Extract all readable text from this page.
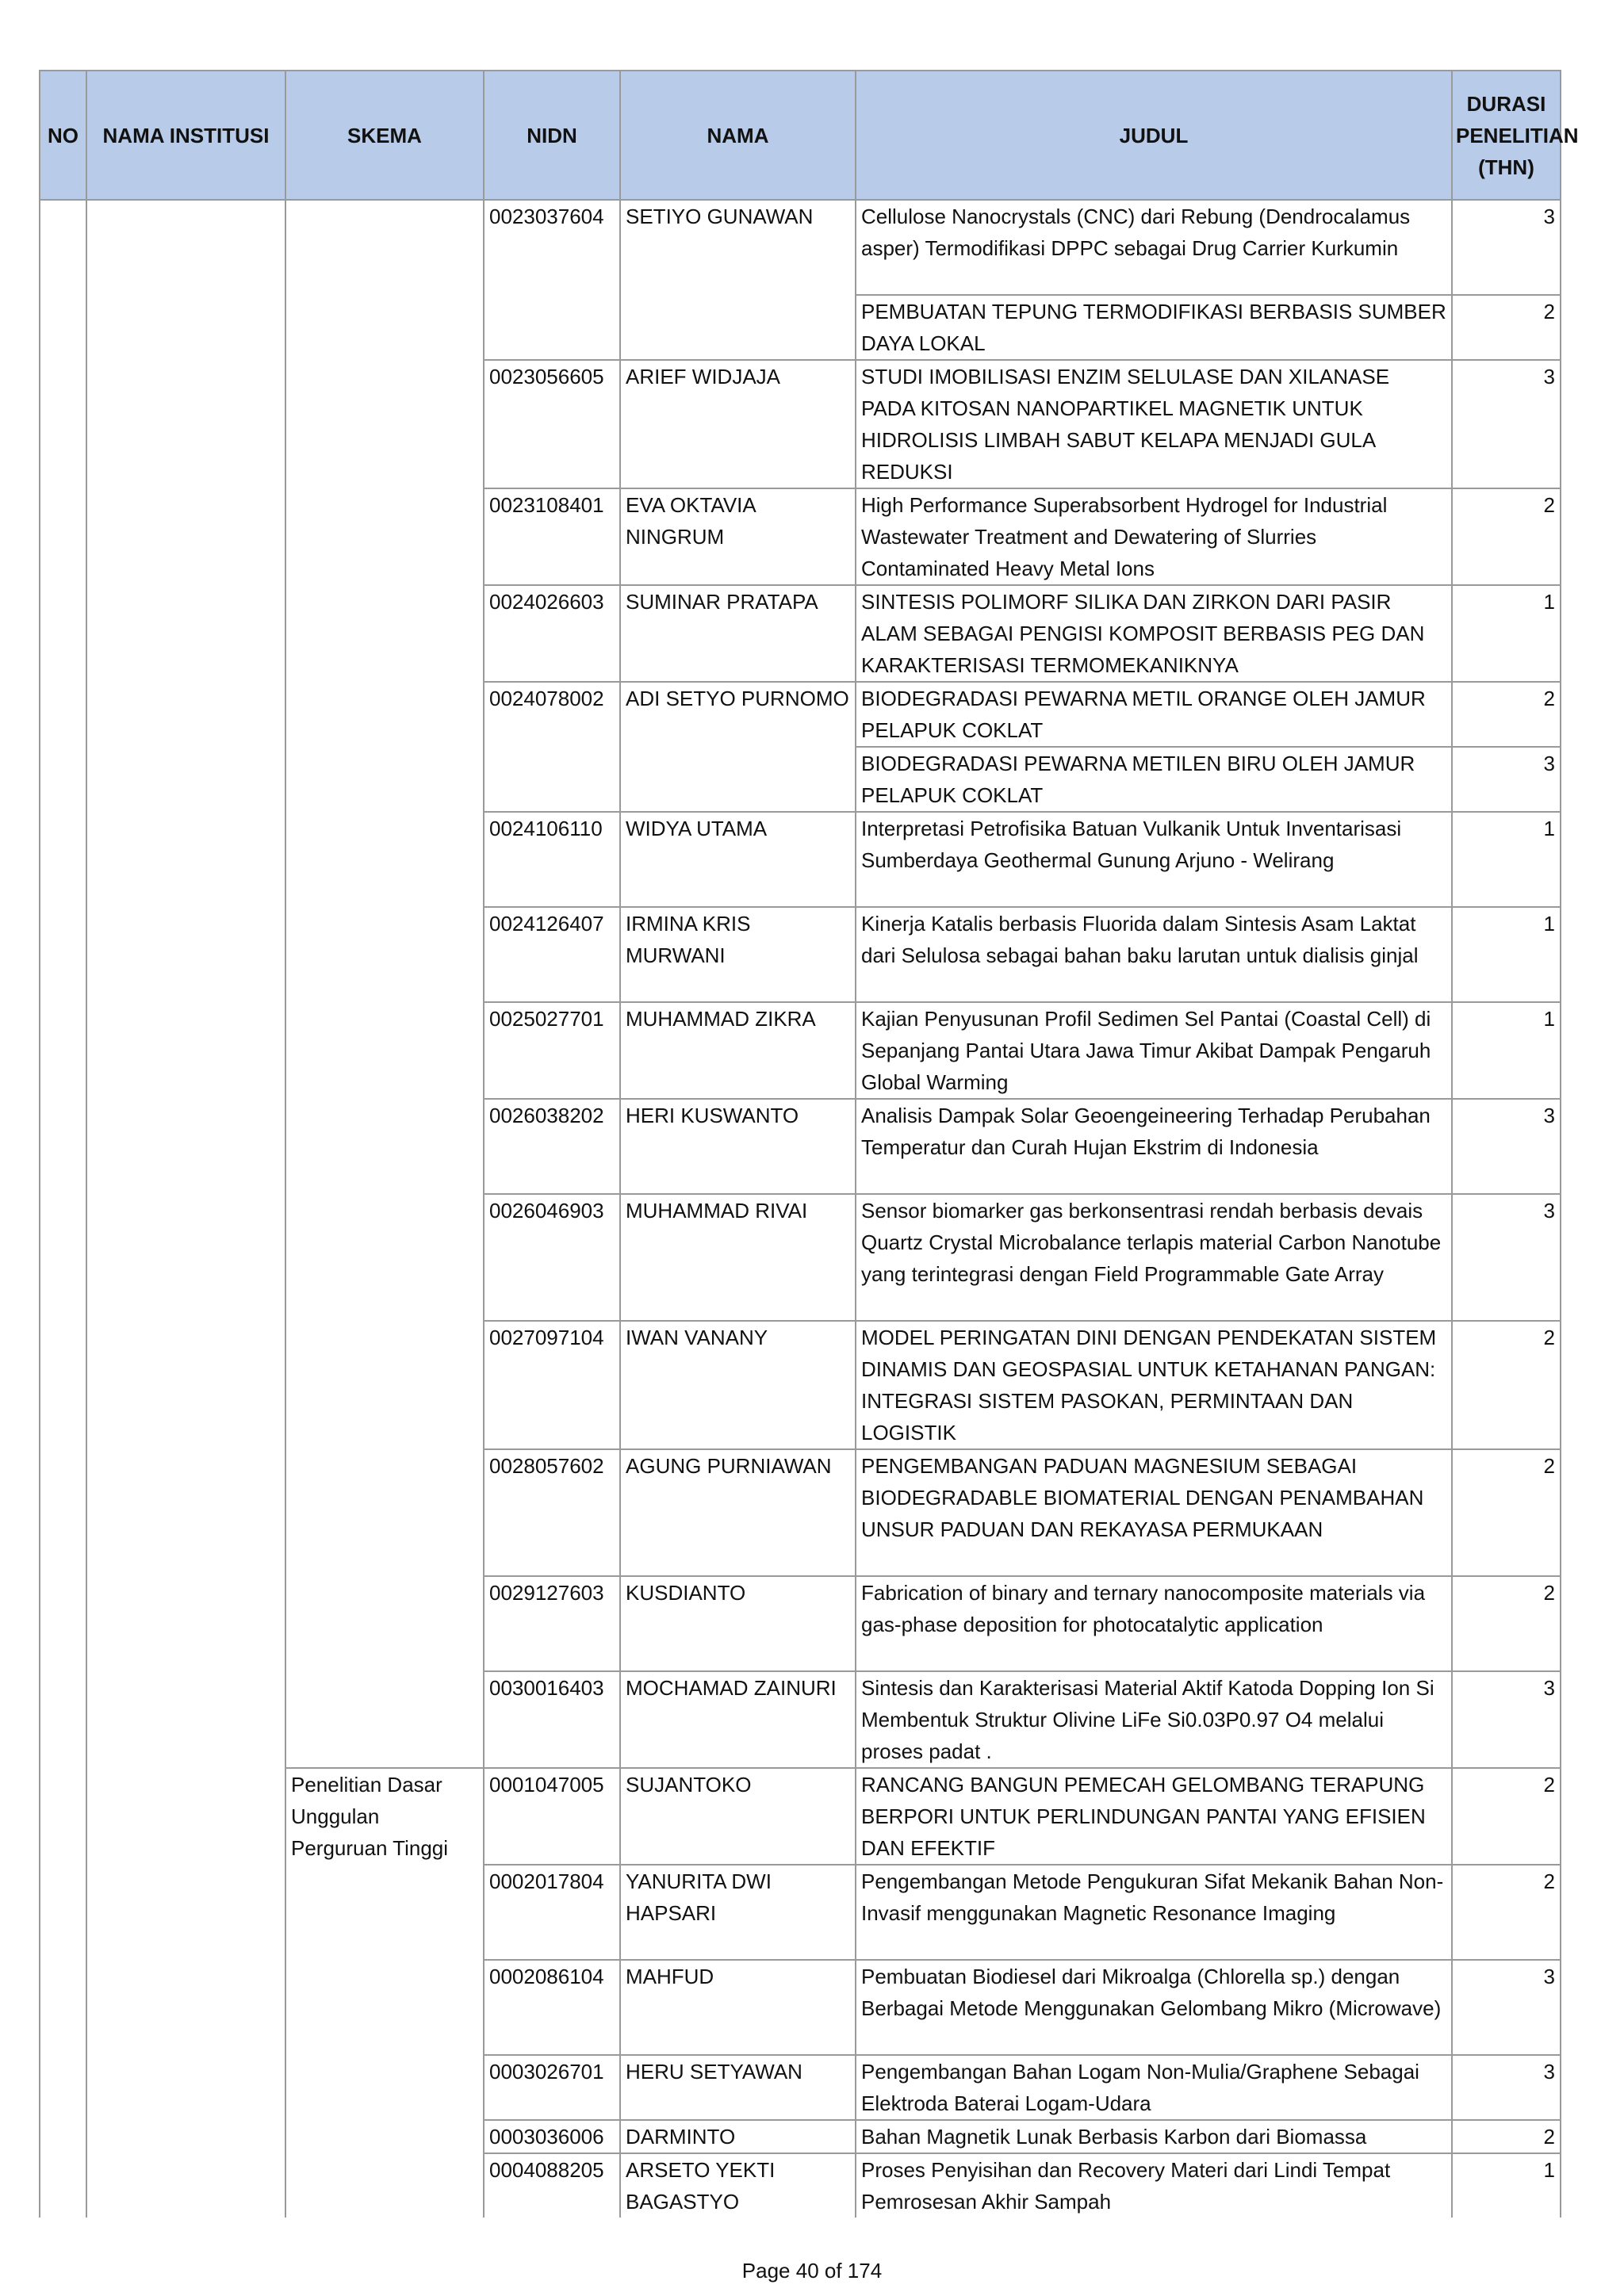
NO	NAMA INSTITUSI	SKEMA	NIDN	NAMA	JUDUL	DURASI PENELITIAN (THN)
			0023037604	SETIYO GUNAWAN	Cellulose Nanocrystals (CNC) dari Rebung (Dendrocalamus asper) Termodifikasi DPPC sebagai Drug Carrier Kurkumin	3
					PEMBUATAN TEPUNG TERMODIFIKASI BERBASIS SUMBER DAYA LOKAL	2
			0023056605	ARIEF WIDJAJA	STUDI IMOBILISASI ENZIM SELULASE DAN XILANASE PADA KITOSAN NANOPARTIKEL MAGNETIK UNTUK HIDROLISIS LIMBAH SABUT KELAPA MENJADI GULA REDUKSI	3
			0023108401	EVA OKTAVIA NINGRUM	High Performance Superabsorbent Hydrogel for Industrial Wastewater Treatment and Dewatering of Slurries Contaminated Heavy Metal Ions	2
			0024026603	SUMINAR PRATAPA	SINTESIS POLIMORF SILIKA DAN ZIRKON DARI PASIR ALAM SEBAGAI PENGISI KOMPOSIT BERBASIS PEG DAN KARAKTERISASI TERMOMEKANIKNYA	1
			0024078002	ADI SETYO PURNOMO	BIODEGRADASI PEWARNA METIL ORANGE OLEH JAMUR PELAPUK COKLAT	2
					BIODEGRADASI PEWARNA METILEN BIRU OLEH JAMUR PELAPUK COKLAT	3
			0024106110	WIDYA UTAMA	Interpretasi Petrofisika Batuan Vulkanik Untuk Inventarisasi Sumberdaya Geothermal Gunung Arjuno - Welirang	1
			0024126407	IRMINA KRIS MURWANI	Kinerja Katalis berbasis Fluorida dalam Sintesis Asam Laktat dari Selulosa sebagai bahan baku larutan untuk dialisis ginjal	1
			0025027701	MUHAMMAD ZIKRA	Kajian Penyusunan Profil Sedimen Sel Pantai (Coastal Cell) di Sepanjang Pantai Utara Jawa Timur Akibat Dampak Pengaruh Global Warming	1
			0026038202	HERI KUSWANTO	Analisis Dampak Solar Geoengeineering Terhadap Perubahan Temperatur dan Curah Hujan Ekstrim di Indonesia	3
			0026046903	MUHAMMAD RIVAI	Sensor biomarker gas berkonsentrasi rendah berbasis devais Quartz Crystal Microbalance terlapis material Carbon Nanotube yang terintegrasi dengan Field Programmable Gate Array	3
			0027097104	IWAN VANANY	MODEL PERINGATAN DINI DENGAN PENDEKATAN SISTEM DINAMIS DAN GEOSPASIAL UNTUK KETAHANAN PANGAN: INTEGRASI SISTEM PASOKAN, PERMINTAAN DAN LOGISTIK	2
			0028057602	AGUNG PURNIAWAN	PENGEMBANGAN PADUAN MAGNESIUM SEBAGAI BIODEGRADABLE BIOMATERIAL DENGAN PENAMBAHAN UNSUR PADUAN DAN REKAYASA PERMUKAAN	2
			0029127603	KUSDIANTO	Fabrication of binary and ternary nanocomposite materials via gas-phase deposition for photocatalytic application	2
			0030016403	MOCHAMAD ZAINURI	Sintesis dan Karakterisasi Material Aktif Katoda Dopping Ion Si Membentuk Struktur Olivine LiFe Si0.03P0.97 O4 melalui proses padat .	3
		Penelitian Dasar Unggulan Perguruan Tinggi	0001047005	SUJANTOKO	RANCANG BANGUN PEMECAH GELOMBANG TERAPUNG BERPORI UNTUK PERLINDUNGAN PANTAI YANG EFISIEN DAN EFEKTIF	2
			0002017804	YANURITA DWI HAPSARI	Pengembangan Metode Pengukuran Sifat Mekanik Bahan Non-Invasif menggunakan Magnetic Resonance Imaging	2
			0002086104	MAHFUD	Pembuatan Biodiesel dari Mikroalga (Chlorella sp.) dengan Berbagai Metode Menggunakan Gelombang Mikro (Microwave)	3
			0003026701	HERU SETYAWAN	Pengembangan Bahan Logam Non-Mulia/Graphene Sebagai Elektroda Baterai Logam-Udara	3
			0003036006	DARMINTO	Bahan Magnetik Lunak Berbasis Karbon dari Biomassa	2
			0004088205	ARSETO YEKTI BAGASTYO	Proses Penyisihan dan Recovery Materi dari Lindi Tempat Pemrosesan Akhir Sampah	1
Page 40 of 174
